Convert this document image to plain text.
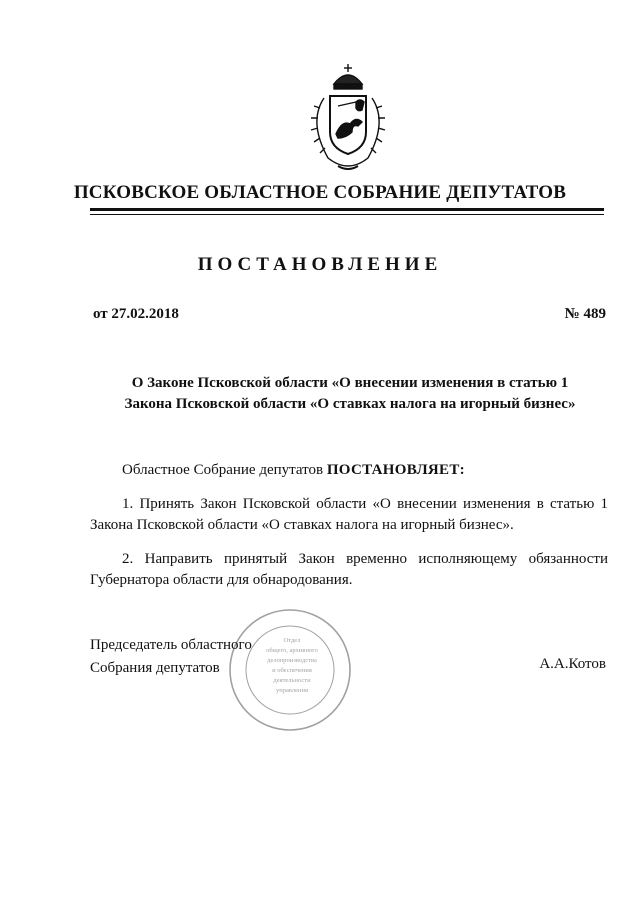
ПСКОВСКОЕ ОБЛАСТНОЕ СОБРАНИЕ ДЕПУТАТОВ
ПОСТАНОВЛЕНИЕ
от 27.02.2018	№ 489
О Законе Псковской области «О внесении изменения в статью 1
Закона Псковской области «О ставках налога на игорный бизнес»
Областное Собрание депутатов ПОСТАНОВЛЯЕТ:
1. Принять Закон Псковской области «О внесении изменения в статью 1 Закона Псковской области «О ставках налога на игорный бизнес».
2. Направить принятый Закон временно исполняющему обязанности Губернатора области для обнародования.
Отдел
общего, архивного
делопроизводства
и обеспечения
деятельности
управления
Председатель областного
Собрания депутатов	А.А.Котов
